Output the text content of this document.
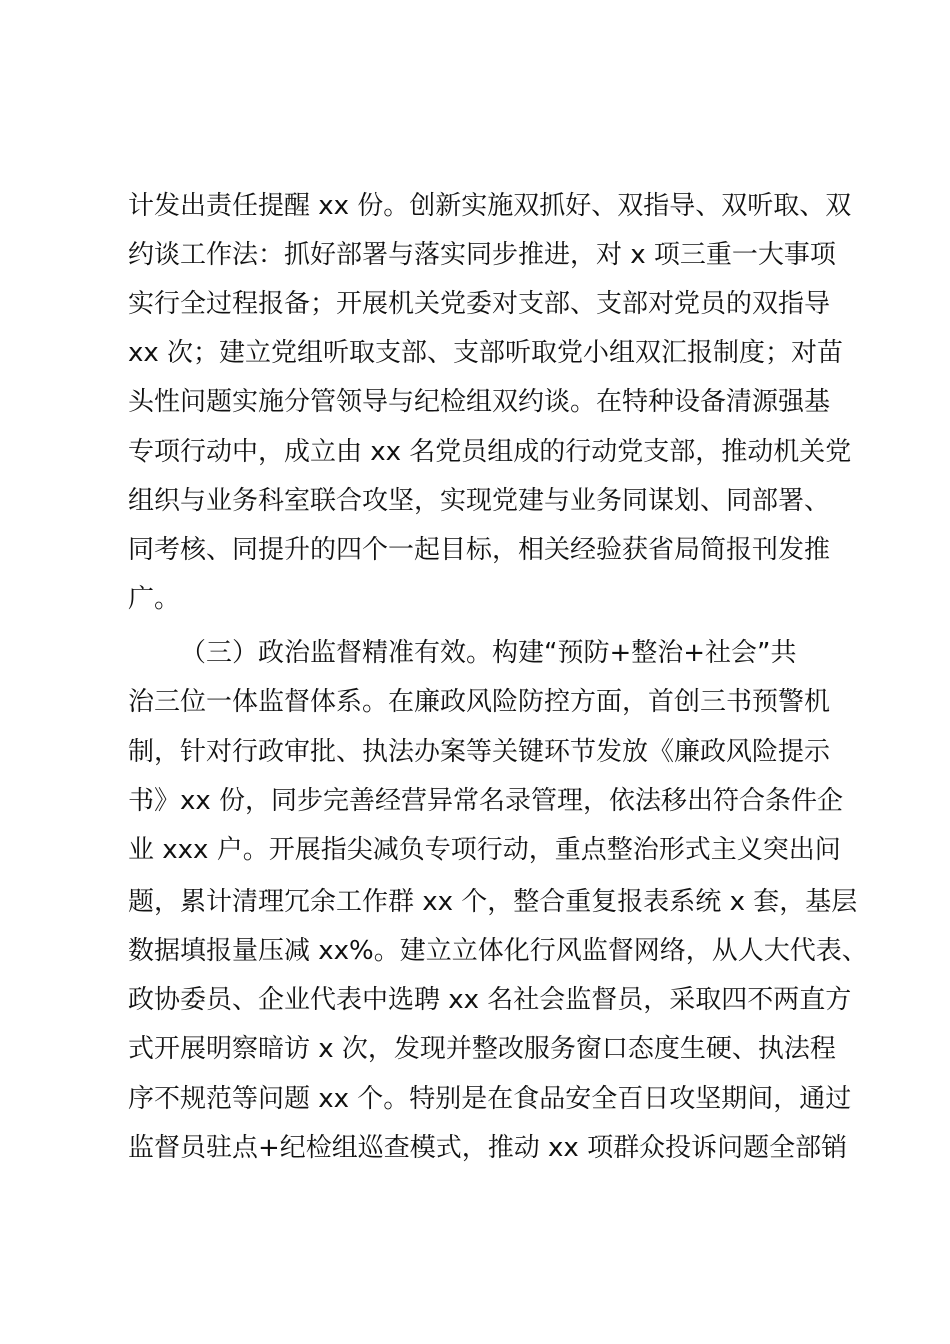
计发出责任提醒 xx 份。创新实施双抓好、双指导、双听取、双
约谈工作法：抓好部署与落实同步推进，对 x 项三重一大事项
实行全过程报备；开展机关党委对支部、支部对党员的双指导
xx 次；建立党组听取支部、支部听取党小组双汇报制度；对苗
头性问题实施分管领导与纪检组双约谈。在特种设备清源强基
专项行动中，成立由 xx 名党员组成的行动党支部，推动机关党
组织与业务科室联合攻坚，实现党建与业务同谋划、同部署、
同考核、同提升的四个一起目标，相关经验获省局简报刊发推
广。
（三）政治监督精准有效。构建“预防+整治+社会”共
治三位一体监督体系。在廉政风险防控方面，首创三书预警机
制，针对行政审批、执法办案等关键环节发放《廉政风险提示
书》xx 份，同步完善经营异常名录管理，依法移出符合条件企
业 xxx 户。开展指尖减负专项行动，重点整治形式主义突出问
题，累计清理冗余工作群 xx 个，整合重复报表系统 x 套，基层
数据填报量压减 xx%。建立立体化行风监督网络，从人大代表、
政协委员、企业代表中选聘 xx 名社会监督员，采取四不两直方
式开展明察暗访 x 次，发现并整改服务窗口态度生硬、执法程
序不规范等问题 xx 个。特别是在食品安全百日攻坚期间，通过
监督员驻点+纪检组巡查模式，推动 xx 项群众投诉问题全部销
